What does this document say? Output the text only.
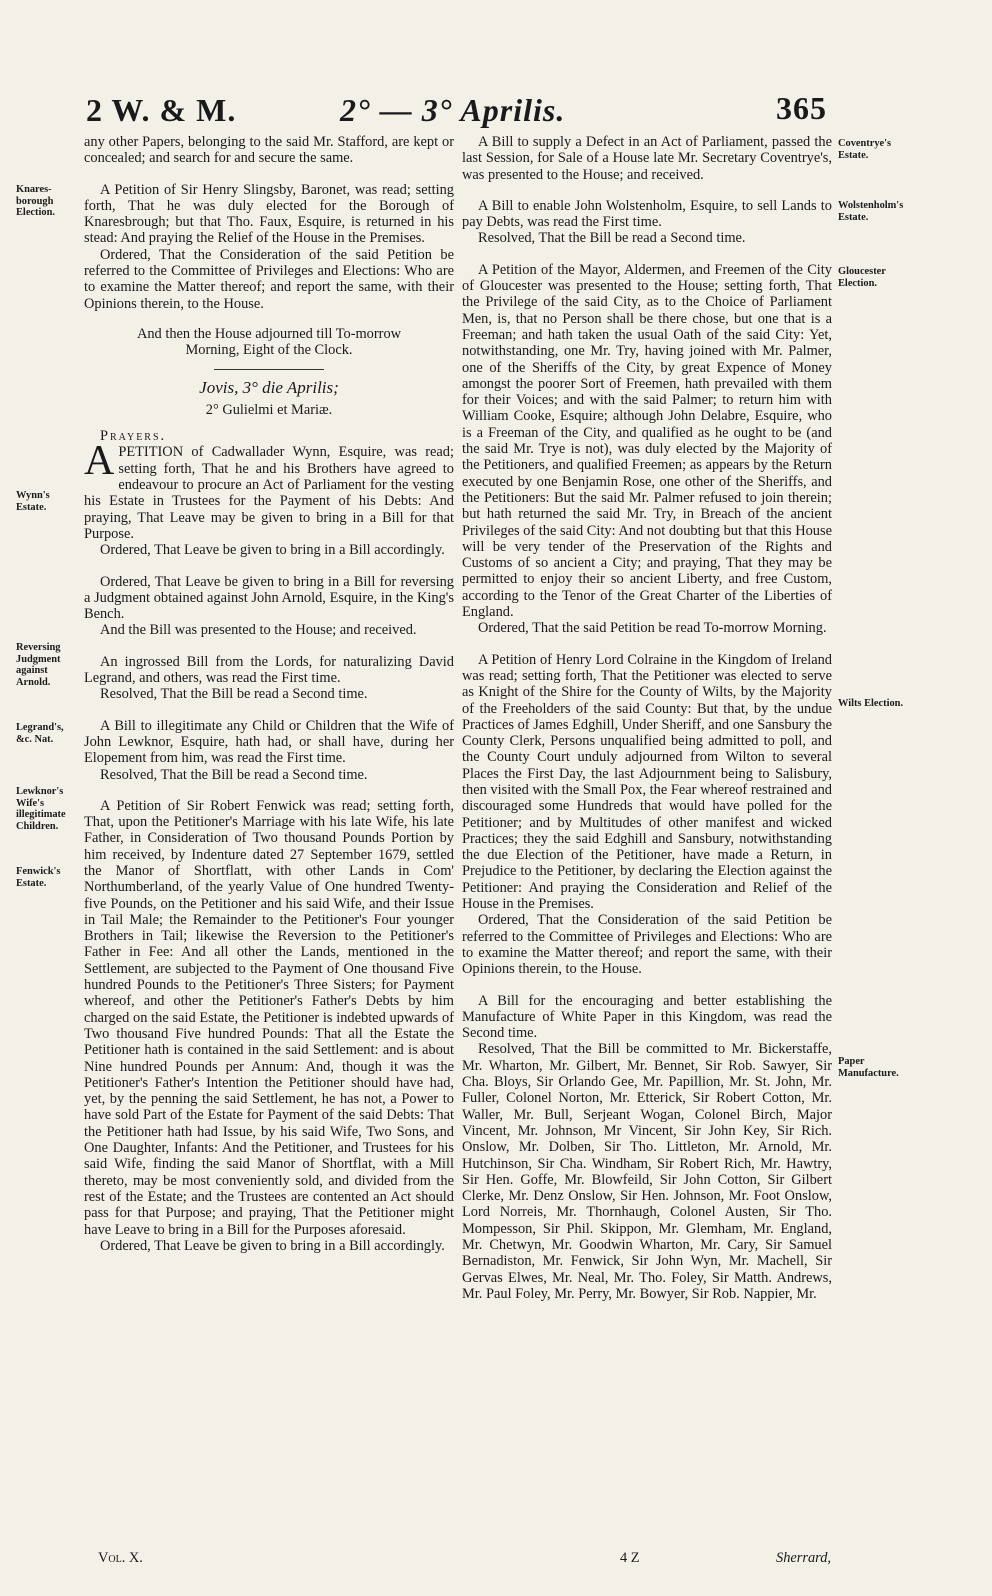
2 W. & M.	2° — 3° Aprilis.	365
Knares-borough Election.
Wynn's Estate.
Reversing Judgment against Arnold.
Legrand's, &c. Nat.
Lewknor's Wife's illegitimate Children.
Fenwick's Estate.
Coventrye's Estate.
Wolstenholm's Estate.
Gloucester Election.
Wilts Election.
Paper Manufacture.

any other Papers, belonging to the said Mr. Stafford, are kept or concealed; and search for and secure the same.

A Petition of Sir Henry Slingsby, Baronet, was read; setting forth, That he was duly elected for the Borough of Knaresbrough; but that Tho. Faux, Esquire, is returned in his stead: And praying the Relief of the House in the Premises.

Ordered, That the Consideration of the said Petition be referred to the Committee of Privileges and Elections: Who are to examine the Matter thereof; and report the same, with their Opinions therein, to the House.

And then the House adjourned till To-morrow Morning, Eight of the Clock.

Jovis, 3° die Aprilis;

2° Gulielmi et Mariæ.

Prayers.

APETITION of Cadwallader Wynn, Esquire, was read; setting forth, That he and his Brothers have agreed to endeavour to procure an Act of Parliament for the vesting his Estate in Trustees for the Payment of his Debts: And praying, That Leave may be given to bring in a Bill for that Purpose.

Ordered, That Leave be given to bring in a Bill accordingly.

Ordered, That Leave be given to bring in a Bill for reversing a Judgment obtained against John Arnold, Esquire, in the King's Bench.

And the Bill was presented to the House; and received.

An ingrossed Bill from the Lords, for naturalizing David Legrand, and others, was read the First time.

Resolved, That the Bill be read a Second time.

A Bill to illegitimate any Child or Children that the Wife of John Lewknor, Esquire, hath had, or shall have, during her Elopement from him, was read the First time.

Resolved, That the Bill be read a Second time.

A Petition of Sir Robert Fenwick was read; setting forth, That, upon the Petitioner's Marriage with his late Wife, his late Father, in Consideration of Two thousand Pounds Portion by him received, by Indenture dated 27 September 1679, settled the Manor of Shortflatt, with other Lands in Com' Northumberland, of the yearly Value of One hundred Twenty-five Pounds, on the Petitioner and his said Wife, and their Issue in Tail Male; the Remainder to the Petitioner's Four younger Brothers in Tail; likewise the Reversion to the Petitioner's Father in Fee: And all other the Lands, mentioned in the Settlement, are subjected to the Payment of One thousand Five hundred Pounds to the Petitioner's Three Sisters; for Payment whereof, and other the Petitioner's Father's Debts by him charged on the said Estate, the Petitioner is indebted upwards of Two thousand Five hundred Pounds: That all the Estate the Petitioner hath is contained in the said Settlement: and is about Nine hundred Pounds per Annum: And, though it was the Petitioner's Father's Intention the Petitioner should have had, yet, by the penning the said Settlement, he has not, a Power to have sold Part of the Estate for Payment of the said Debts: That the Petitioner hath had Issue, by his said Wife, Two Sons, and One Daughter, Infants: And the Petitioner, and Trustees for his said Wife, finding the said Manor of Shortflat, with a Mill thereto, may be most conveniently sold, and divided from the rest of the Estate; and the Trustees are contented an Act should pass for that Purpose; and praying, That the Petitioner might have Leave to bring in a Bill for the Purposes aforesaid.

Ordered, That Leave be given to bring in a Bill accordingly.

A Bill to supply a Defect in an Act of Parliament, passed the last Session, for Sale of a House late Mr. Secretary Coventrye's, was presented to the House; and received.

A Bill to enable John Wolstenholm, Esquire, to sell Lands to pay Debts, was read the First time.

Resolved, That the Bill be read a Second time.

A Petition of the Mayor, Aldermen, and Freemen of the City of Gloucester was presented to the House; setting forth, That the Privilege of the said City, as to the Choice of Parliament Men, is, that no Person shall be there chose, but one that is a Freeman; and hath taken the usual Oath of the said City: Yet, notwithstanding, one Mr. Try, having joined with Mr. Palmer, one of the Sheriffs of the City, by great Expence of Money amongst the poorer Sort of Freemen, hath prevailed with them for their Voices; and with the said Palmer; to return him with William Cooke, Esquire; although John Delabre, Esquire, who is a Freeman of the City, and qualified as he ought to be (and the said Mr. Trye is not), was duly elected by the Majority of the Petitioners, and qualified Freemen; as appears by the Return executed by one Benjamin Rose, one other of the Sheriffs, and the Petitioners: But the said Mr. Palmer refused to join therein; but hath returned the said Mr. Try, in Breach of the ancient Privileges of the said City: And not doubting but that this House will be very tender of the Preservation of the Rights and Customs of so ancient a City; and praying, That they may be permitted to enjoy their so ancient Liberty, and free Custom, according to the Tenor of the Great Charter of the Liberties of England.

Ordered, That the said Petition be read To-morrow Morning.

A Petition of Henry Lord Colraine in the Kingdom of Ireland was read; setting forth, That the Petitioner was elected to serve as Knight of the Shire for the County of Wilts, by the Majority of the Freeholders of the said County: But that, by the undue Practices of James Edghill, Under Sheriff, and one Sansbury the County Clerk, Persons unqualified being admitted to poll, and the County Court unduly adjourned from Wilton to several Places the First Day, the last Adjournment being to Salisbury, then visited with the Small Pox, the Fear whereof restrained and discouraged some Hundreds that would have polled for the Petitioner; and by Multitudes of other manifest and wicked Practices; they the said Edghill and Sansbury, notwithstanding the due Election of the Petitioner, have made a Return, in Prejudice to the Petitioner, by declaring the Election against the Petitioner: And praying the Consideration and Relief of the House in the Premises.

Ordered, That the Consideration of the said Petition be referred to the Committee of Privileges and Elections: Who are to examine the Matter thereof; and report the same, with their Opinions therein, to the House.

A Bill for the encouraging and better establishing the Manufacture of White Paper in this Kingdom, was read the Second time.

Resolved, That the Bill be committed to Mr. Bickerstaffe, Mr. Wharton, Mr. Gilbert, Mr. Bennet, Sir Rob. Sawyer, Sir Cha. Bloys, Sir Orlando Gee, Mr. Papillion, Mr. St. John, Mr. Fuller, Colonel Norton, Mr. Etterick, Sir Robert Cotton, Mr. Waller, Mr. Bull, Serjeant Wogan, Colonel Birch, Major Vincent, Mr. Johnson, Mr Vincent, Sir John Key, Sir Rich. Onslow, Mr. Dolben, Sir Tho. Littleton, Mr. Arnold, Mr. Hutchinson, Sir Cha. Windham, Sir Robert Rich, Mr. Hawtry, Sir Hen. Goffe, Mr. Blowfeild, Sir John Cotton, Sir Gilbert Clerke, Mr. Denz Onslow, Sir Hen. Johnson, Mr. Foot Onslow, Lord Norreis, Mr. Thornhaugh, Colonel Austen, Sir Tho. Mompesson, Sir Phil. Skippon, Mr. Glemham, Mr. England, Mr. Chetwyn, Mr. Goodwin Wharton, Mr. Cary, Sir Samuel Bernadiston, Mr. Fenwick, Sir John Wyn, Mr. Machell, Sir Gervas Elwes, Mr. Neal, Mr. Tho. Foley, Sir Matth. Andrews, Mr. Paul Foley, Mr. Perry, Mr. Bowyer, Sir Rob. Nappier, Mr.

Vol. X.	4 Z	Sherrard,
